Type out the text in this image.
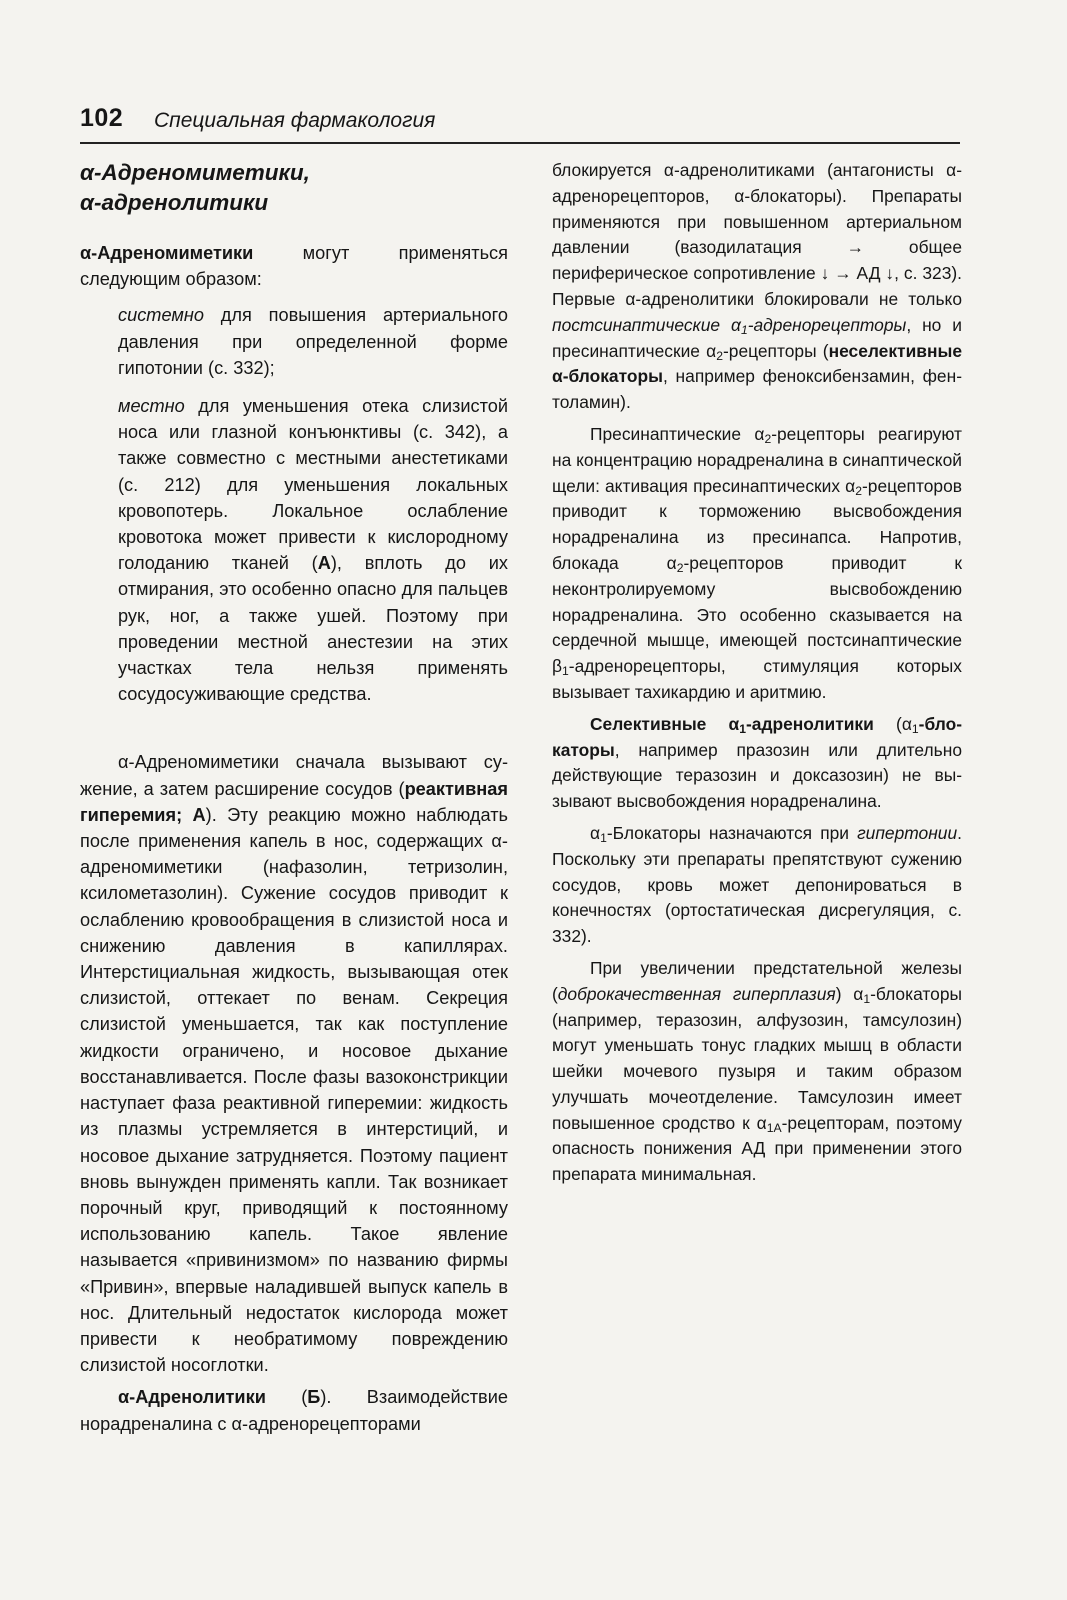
102 Специальная фармакология
α-Адреномиметики,
α-адренолитики

α-Адреномиметики могут применяться следующим образом:

системно для повышения артериального давления при определенной форме гипотонии (с. 332);

местно для уменьшения отека слизистой носа или глазной конъюнктивы (с. 342), а также совместно с местными анестетиками (с. 212) для уменьшения локальных кровопотерь. Локальное ослабление кровотока может привести к кислородному голоданию тканей (А), вплоть до их отмирания, это особенно опасно для пальцев рук, ног, а также ушей. Поэтому при проведении местной анестезии на этих участках тела нельзя применять сосудосуживающие средства.

α-Адреномиметики сначала вызывают сужение, а затем расширение сосудов (реактивная гиперемия; А). Эту реакцию можно наблюдать после применения капель в нос, содержащих α-адреномиметики (нафазолин, тетризолин, ксилометазолин). Сужение сосудов приводит к ослаблению кровообращения в слизистой носа и снижению давления в капиллярах. Интерстициальная жидкость, вызывающая отек слизистой, оттекает по венам. Секреция слизистой уменьшается, так как поступление жидкости ограничено, и носовое дыхание восстанавливается. После фазы вазоконстрикции наступает фаза реактивной гиперемии: жидкость из плазмы устремляется в интерстиций, и носовое дыхание затрудняется. Поэтому пациент вновь вынужден применять капли. Так возникает порочный круг, приводящий к постоянному использованию капель. Такое явление называется «привинизмом» по названию фирмы «Привин», впервые наладившей выпуск капель в нос. Длительный недостаток кислорода может привести к необратимому повреждению слизистой носоглотки.

α-Адренолитики (Б). Взаимодействие норадреналина с α-адренорецепторами

блокируется α-адренолитиками (антагонисты α-адренорецепторов, α-блокаторы). Препараты применяются при повышенном артериальном давлении (вазодилатация → общее периферическое сопротивление ↓ → АД ↓, с. 323). Первые α-адренолитики блокировали не только постсинаптические $\alpha_1$-адренорецепторы, но и пресинаптические $\alpha_2$-рецепторы (неселективные α-блокаторы, например феноксибензамин, фентоламин).

Пресинаптические $\alpha_2$-рецепторы реагируют на концентрацию норадреналина в синаптической щели: активация пресинаптических $\alpha_2$-рецепторов приводит к торможению высвобождения норадреналина из пресинапса. Напротив, блокада $\alpha_2$-рецепторов приводит к неконтролируемому высвобождению норадреналина. Это особенно сказывается на сердечной мышце, имеющей постсинаптические $\beta_1$-адренорецепторы, стимуляция которых вызывает тахикардию и аритмию.

Селективные $\alpha_1$-адренолитики ($\alpha_1$-блокаторы, например празозин или длительно действующие теразозин и доксазозин) не вызывают высвобождения норадреналина.

$\alpha_1$-Блокаторы назначаются при гипертонии. Поскольку эти препараты препятствуют сужению сосудов, кровь может депонироваться в конечностях (ортостатическая дисрегуляция, с. 332).

При увеличении предстательной железы (доброкачественная гиперплазия) $\alpha_1$-блокаторы (например, теразозин, алфузозин, тамсулозин) могут уменьшать тонус гладких мышц в области шейки мочевого пузыря и таким образом улучшать мочеотделение. Тамсулозин имеет повышенное сродство к $\alpha_{1A}$-рецепторам, поэтому опасность понижения АД при применении этого препарата минимальная.
